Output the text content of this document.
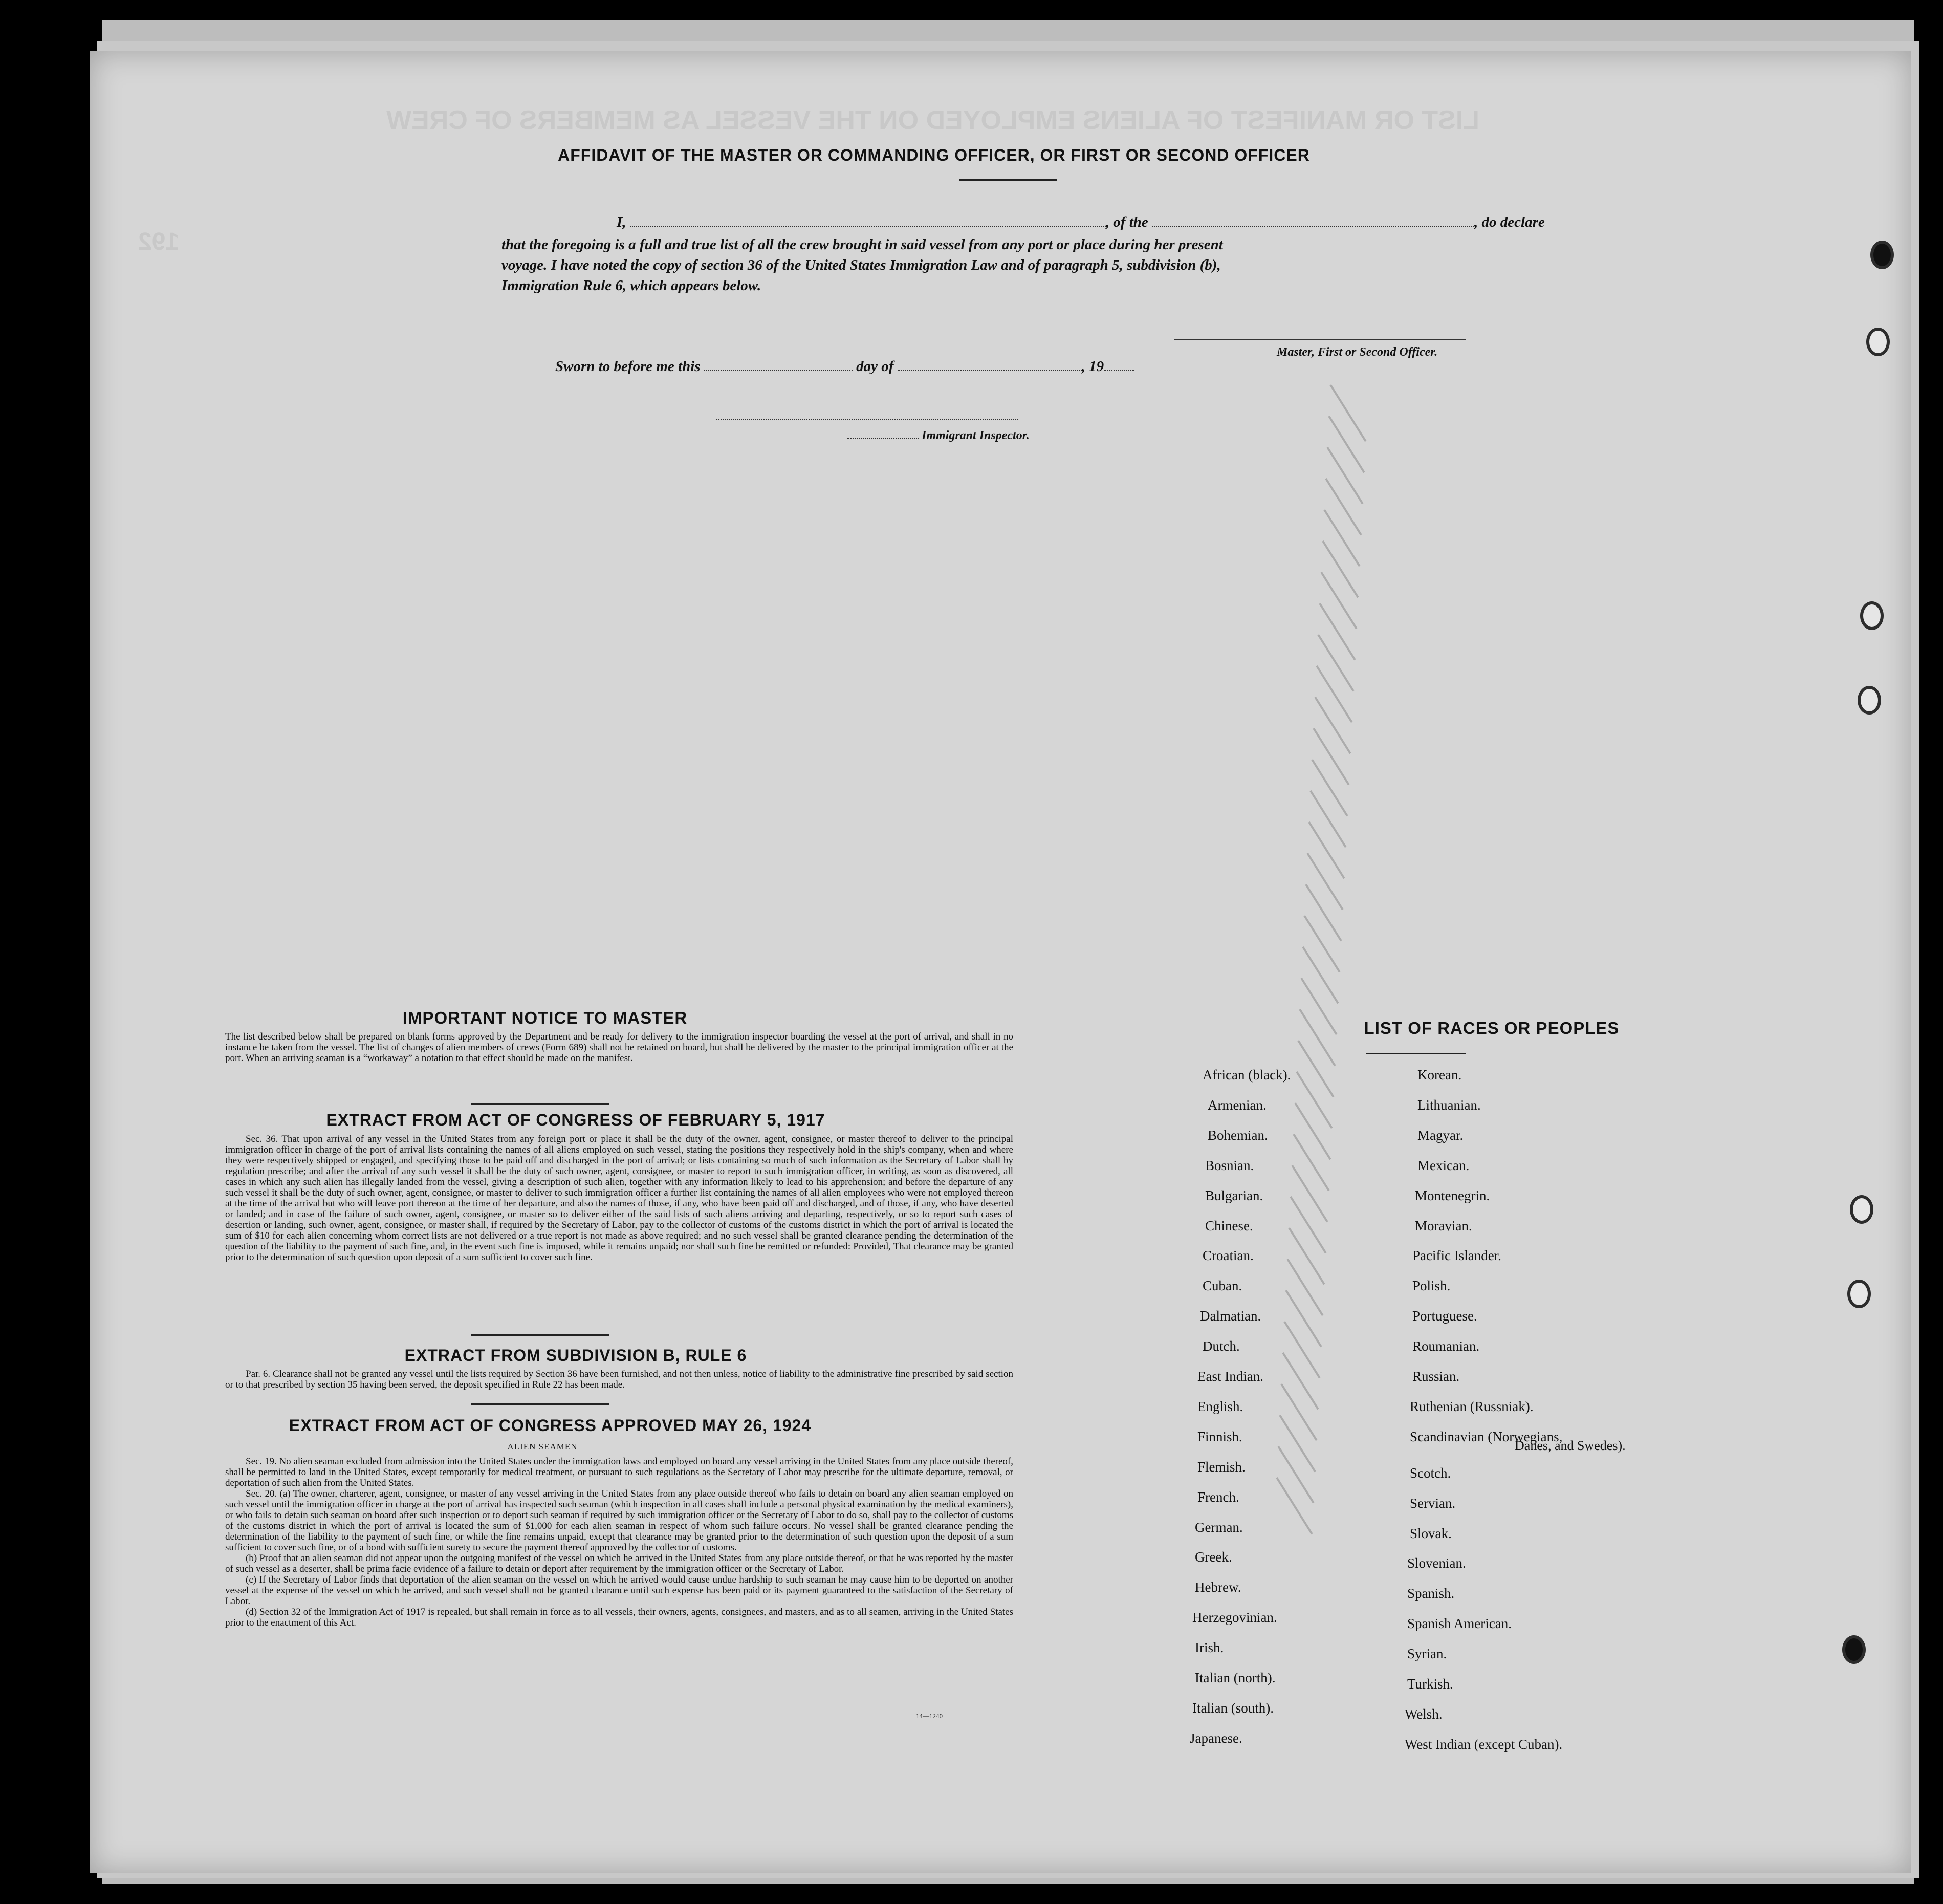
LIST OR MANIFEST OF ALIENS EMPLOYED ON THE VESSEL AS MEMBERS OF CREW
192
AFFIDAVIT OF THE MASTER OR COMMANDING OFFICER, OR FIRST OR SECOND OFFICER
I,	, of the	, do declare
that the foregoing is a full and true list of all the crew brought in said vessel from any port or place during her present
voyage. I have noted the copy of section 36 of the United States Immigration Law and of paragraph 5, subdivision (b),
Immigration Rule 6, which appears below.
Master, First or Second Officer.
Sworn to before me this	day of	, 19
Immigrant Inspector.
IMPORTANT NOTICE TO MASTER
The list described below shall be prepared on blank forms approved by the Department and be ready for delivery to the immigration inspector boarding the vessel at the port of arrival, and shall in no instance be taken from the vessel. The list of changes of alien members of crews (Form 689) shall not be retained on board, but shall be delivered by the master to the principal immigration officer at the port. When an arriving seaman is a “workaway” a notation to that effect should be made on the manifest.
EXTRACT FROM ACT OF CONGRESS OF FEBRUARY 5, 1917
Sec. 36. That upon arrival of any vessel in the United States from any foreign port or place it shall be the duty of the owner, agent, consignee, or master thereof to deliver to the principal immigration officer in charge of the port of arrival lists containing the names of all aliens employed on such vessel, stating the positions they respectively hold in the ship's company, when and where they were respectively shipped or engaged, and specifying those to be paid off and discharged in the port of arrival; or lists containing so much of such information as the Secretary of Labor shall by regulation prescribe; and after the arrival of any such vessel it shall be the duty of such owner, agent, consignee, or master to report to such immigration officer, in writing, as soon as discovered, all cases in which any such alien has illegally landed from the vessel, giving a description of such alien, together with any information likely to lead to his apprehension; and before the departure of any such vessel it shall be the duty of such owner, agent, consignee, or master to deliver to such immigration officer a further list containing the names of all alien employees who were not employed thereon at the time of the arrival but who will leave port thereon at the time of her departure, and also the names of those, if any, who have been paid off and discharged, and of those, if any, who have deserted or landed; and in case of the failure of such owner, agent, consignee, or master so to deliver either of the said lists of such aliens arriving and departing, respectively, or so to report such cases of desertion or landing, such owner, agent, consignee, or master shall, if required by the Secretary of Labor, pay to the collector of customs of the customs district in which the port of arrival is located the sum of $10 for each alien concerning whom correct lists are not delivered or a true report is not made as above required; and no such vessel shall be granted clearance pending the determination of the question of the liability to the payment of such fine, and, in the event such fine is imposed, while it remains unpaid; nor shall such fine be remitted or refunded: Provided, That clearance may be granted prior to the determination of such question upon deposit of a sum sufficient to cover such fine.
EXTRACT FROM SUBDIVISION B, RULE 6
Par. 6. Clearance shall not be granted any vessel until the lists required by Section 36 have been furnished, and not then unless, notice of liability to the administrative fine prescribed by said section or to that prescribed by section 35 having been served, the deposit specified in Rule 22 has been made.
EXTRACT FROM ACT OF CONGRESS APPROVED MAY 26, 1924
ALIEN SEAMEN
Sec. 19. No alien seaman excluded from admission into the United States under the immigration laws and employed on board any vessel arriving in the United States from any place outside thereof, shall be permitted to land in the United States, except temporarily for medical treatment, or pursuant to such regulations as the Secretary of Labor may prescribe for the ultimate departure, removal, or deportation of such alien from the United States.
Sec. 20. (a) The owner, charterer, agent, consignee, or master of any vessel arriving in the United States from any place outside thereof who fails to detain on board any alien seaman employed on such vessel until the immigration officer in charge at the port of arrival has inspected such seaman (which inspection in all cases shall include a personal physical examination by the medical examiners), or who fails to detain such seaman on board after such inspection or to deport such seaman if required by such immigration officer or the Secretary of Labor to do so, shall pay to the collector of customs of the customs district in which the port of arrival is located the sum of $1,000 for each alien seaman in respect of whom such failure occurs. No vessel shall be granted clearance pending the determination of the liability to the payment of such fine, or while the fine remains unpaid, except that clearance may be granted prior to the determination of such question upon the deposit of a sum sufficient to cover such fine, or of a bond with sufficient surety to secure the payment thereof approved by the collector of customs.
(b) Proof that an alien seaman did not appear upon the outgoing manifest of the vessel on which he arrived in the United States from any place outside thereof, or that he was reported by the master of such vessel as a deserter, shall be prima facie evidence of a failure to detain or deport after requirement by the immigration officer or the Secretary of Labor.
(c) If the Secretary of Labor finds that deportation of the alien seaman on the vessel on which he arrived would cause undue hardship to such seaman he may cause him to be deported on another vessel at the expense of the vessel on which he arrived, and such vessel shall not be granted clearance until such expense has been paid or its payment guaranteed to the satisfaction of the Secretary of Labor.
(d) Section 32 of the Immigration Act of 1917 is repealed, but shall remain in force as to all vessels, their owners, agents, consignees, and masters, and as to all seamen, arriving in the United States prior to the enactment of this Act.
14—1240
LIST OF RACES OR PEOPLES
Danes, and Swedes).
African (black).
Armenian.
Bohemian.
Bosnian.
Bulgarian.
Chinese.
Croatian.
Cuban.
Dalmatian.
Dutch.
East Indian.
English.
Finnish.
Flemish.
French.
German.
Greek.
Hebrew.
Herzegovinian.
Irish.
Italian (north).
Italian (south).
Japanese.
Korean.
Lithuanian.
Magyar.
Mexican.
Montenegrin.
Moravian.
Pacific Islander.
Polish.
Portuguese.
Roumanian.
Russian.
Ruthenian (Russniak).
Scandinavian (Norwegians,
Scotch.
Servian.
Slovak.
Slovenian.
Spanish.
Spanish American.
Syrian.
Turkish.
Welsh.
West Indian (except Cuban).
